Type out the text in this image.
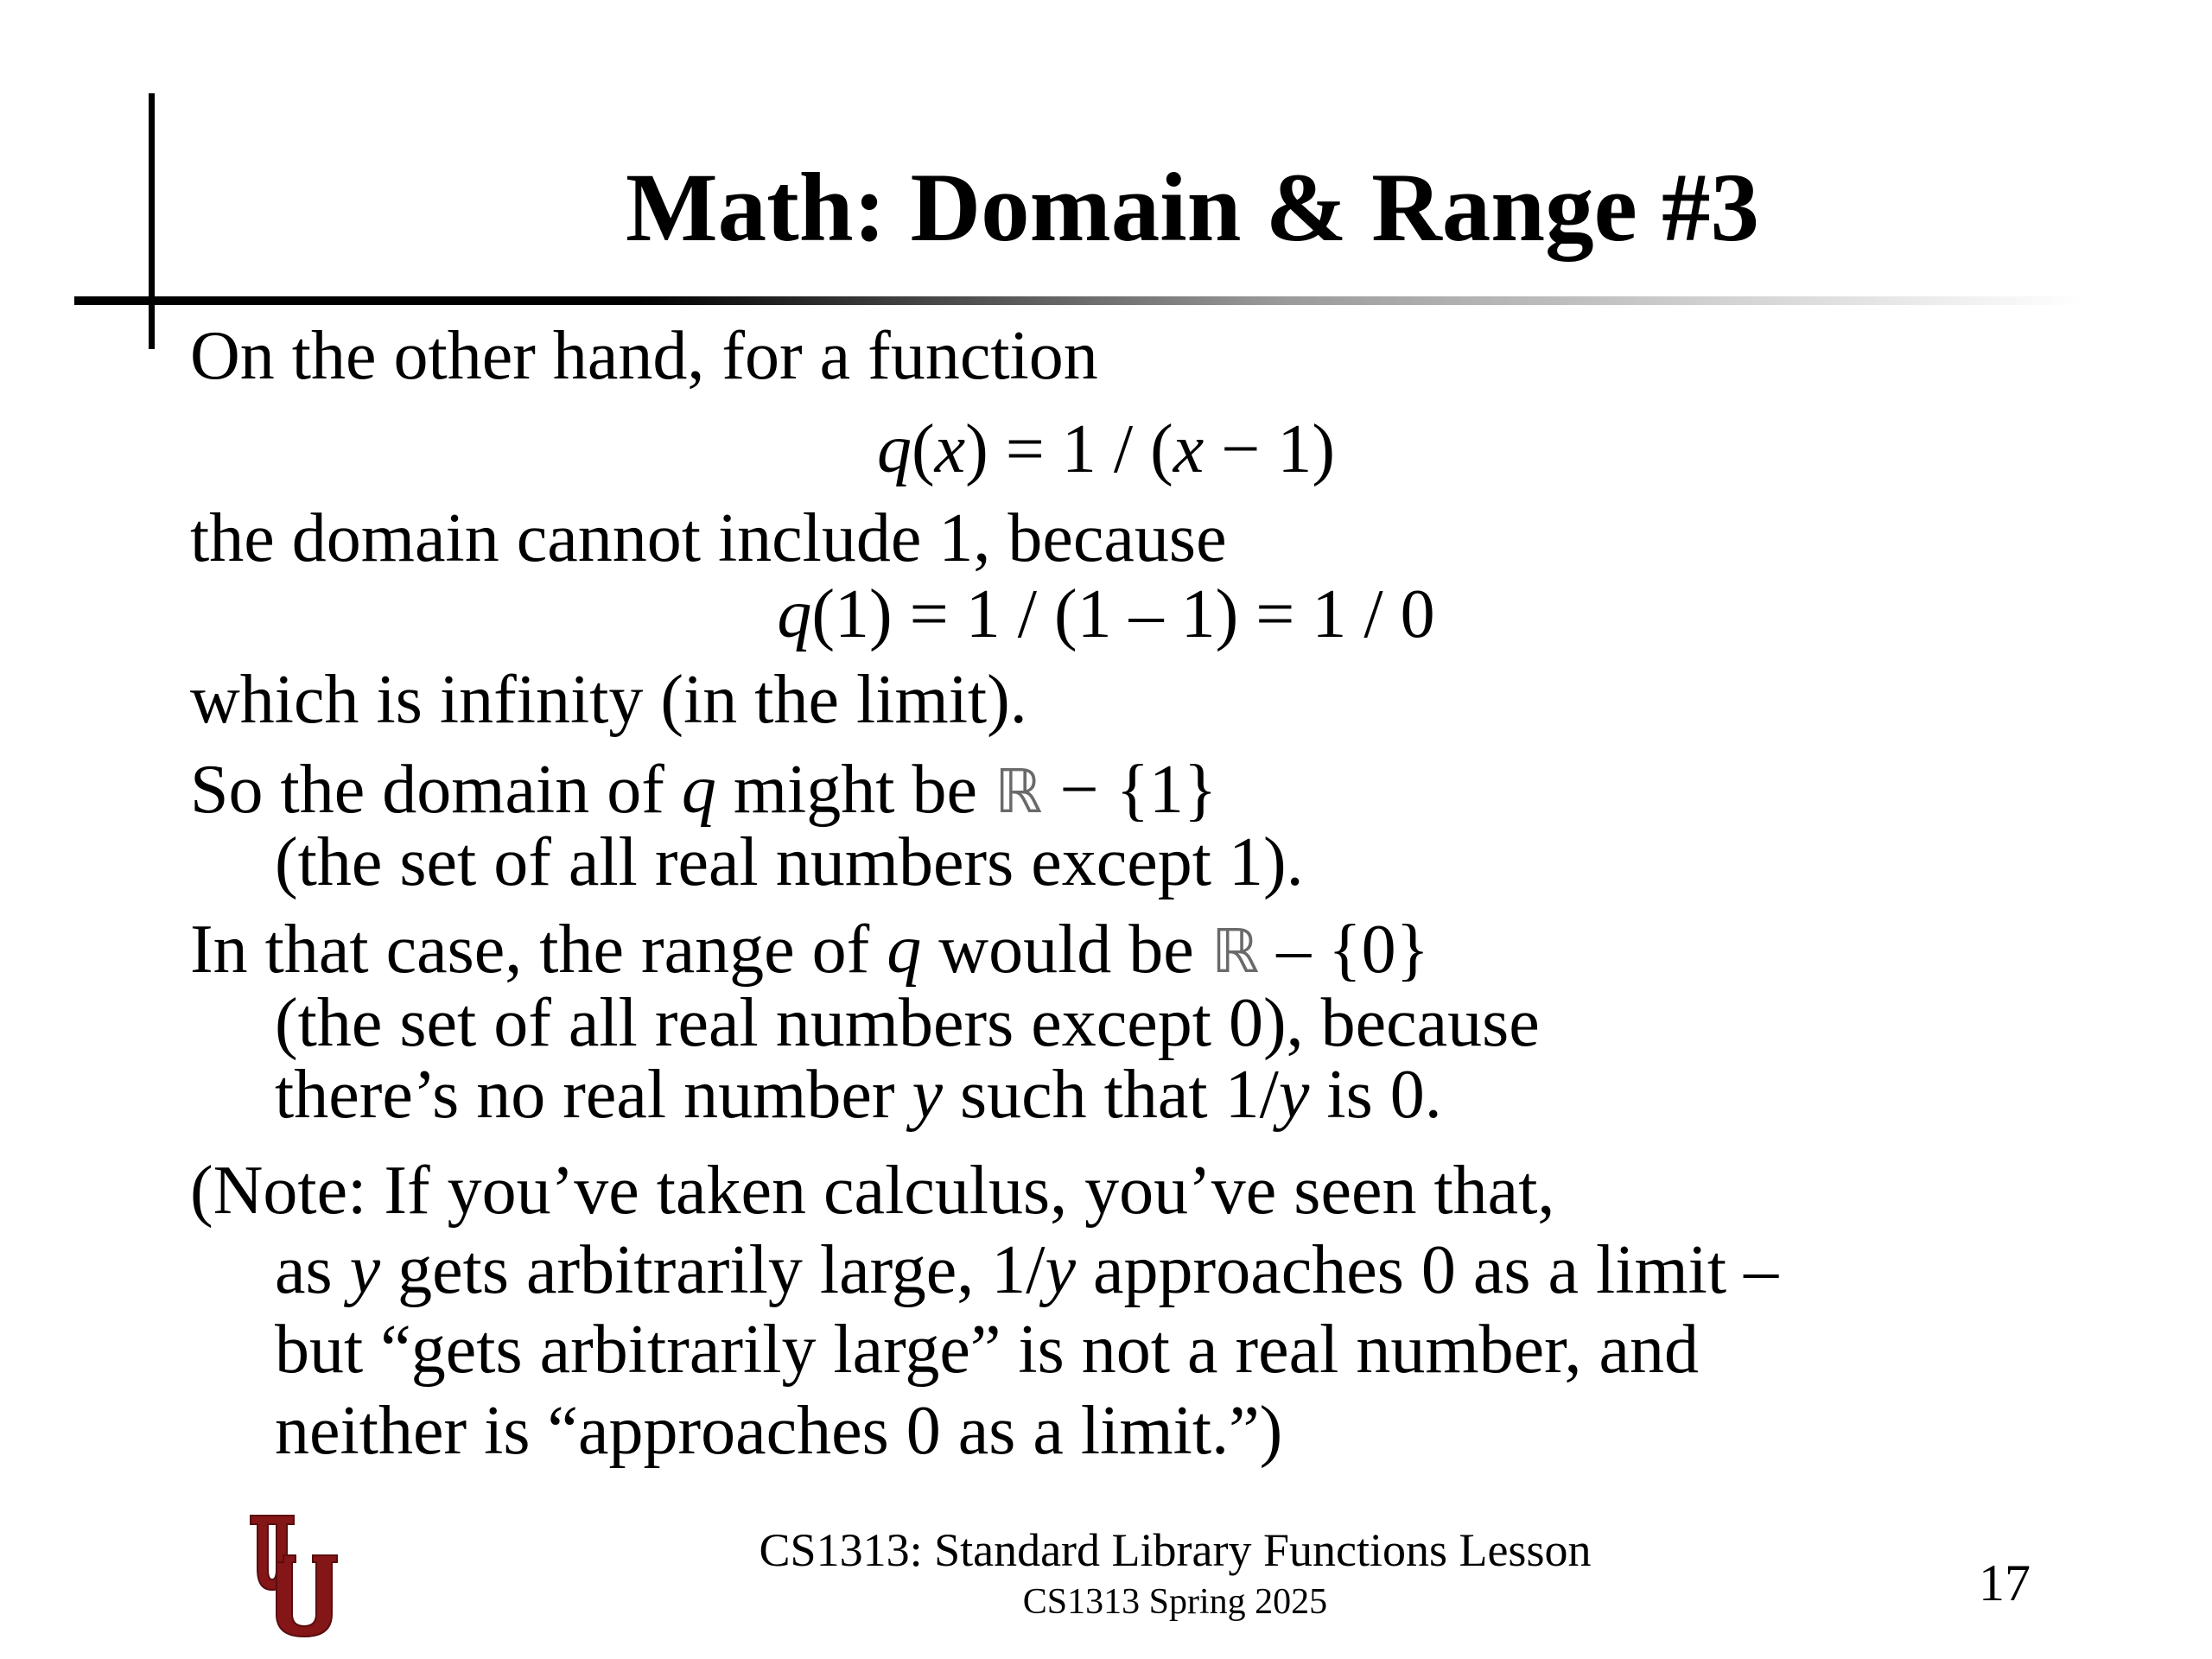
Math: Domain & Range #3
On the other hand, for a function
q(x) = 1 / (x − 1)
the domain cannot include 1, because
q(1) = 1 / (1 – 1) = 1 / 0
which is infinity (in the limit).
So the domain of q might be ℝ − {1}
(the set of all real numbers except 1).
In that case, the range of q would be ℝ – {0}
(the set of all real numbers except 0), because
there’s no real number y such that 1/y is 0.
(Note: If you’ve taken calculus, you’ve seen that,
as y gets arbitrarily large, 1/y approaches 0 as a limit –
but “gets arbitrarily large” is not a real number, and
neither is “approaches 0 as a limit.”)
CS1313: Standard Library Functions Lesson
CS1313 Spring 2025	17
